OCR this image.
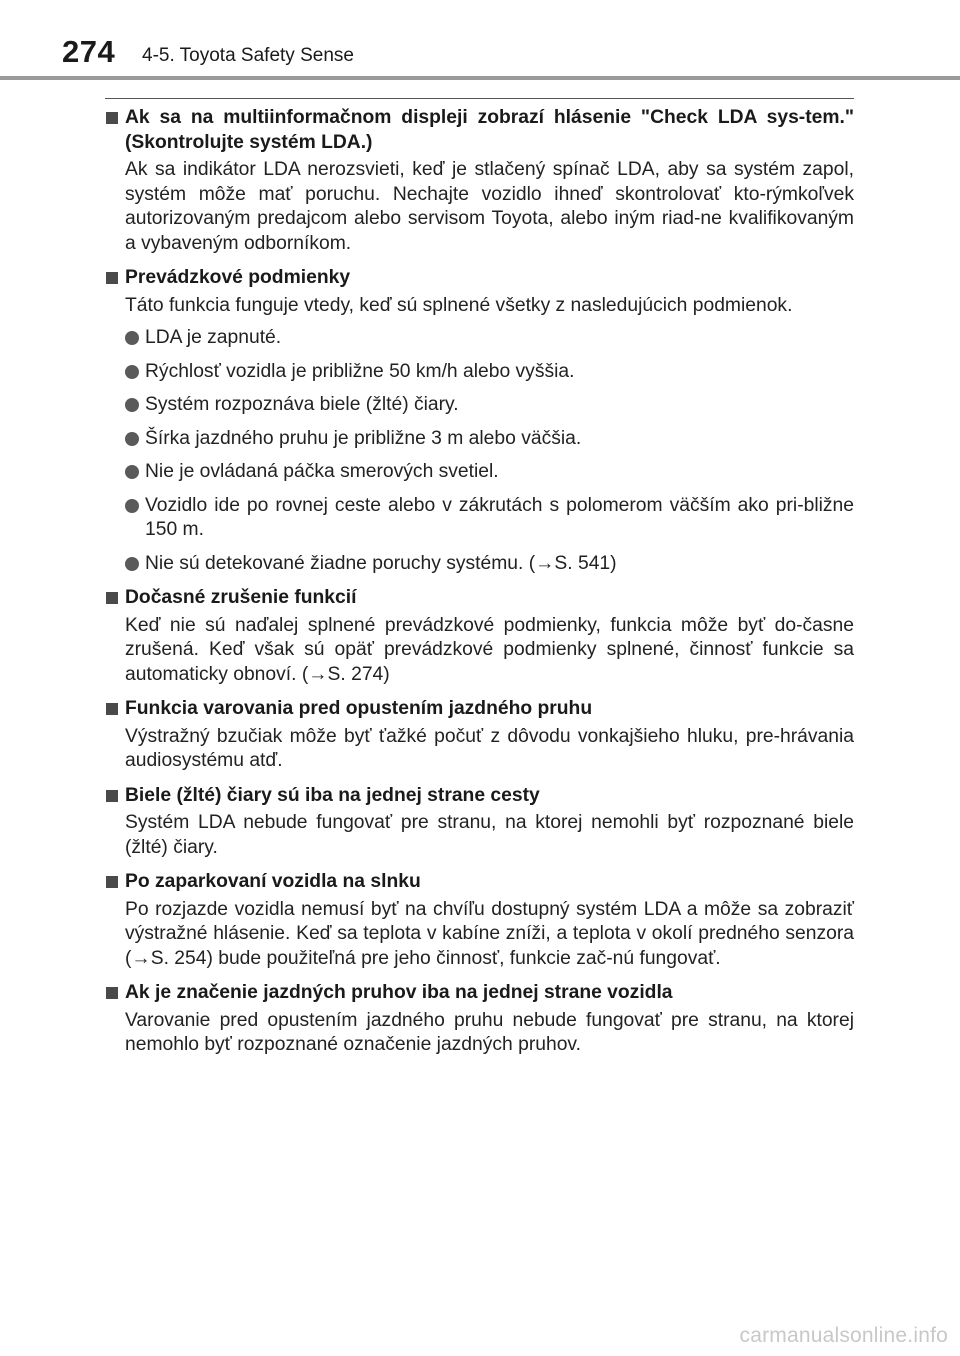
274 4-5. Toyota Safety Sense
Ak sa na multiinformačnom displeji zobrazí hlásenie "Check LDA sys-tem." (Skontrolujte systém LDA.)
Ak sa indikátor LDA nerozsvieti, keď je stlačený spínač LDA, aby sa systém zapol, systém môže mať poruchu. Nechajte vozidlo ihneď skontrolovať kto-rýmkoľvek autorizovaným predajcom alebo servisom Toyota, alebo iným riad-ne kvalifikovaným a vybaveným odborníkom.
Prevádzkové podmienky
Táto funkcia funguje vtedy, keď sú splnené všetky z nasledujúcich podmienok.
LDA je zapnuté.
Rýchlosť vozidla je približne 50 km/h alebo vyššia.
Systém rozpoznáva biele (žlté) čiary.
Šírka jazdného pruhu je približne 3 m alebo väčšia.
Nie je ovládaná páčka smerových svetiel.
Vozidlo ide po rovnej ceste alebo v zákrutách s polomerom väčším ako pri-bližne 150 m.
Nie sú detekované žiadne poruchy systému. (→S. 541)
Dočasné zrušenie funkcií
Keď nie sú naďalej splnené prevádzkové podmienky, funkcia môže byť do-časne zrušená. Keď však sú opäť prevádzkové podmienky splnené, činnosť funkcie sa automaticky obnoví. (→S. 274)
Funkcia varovania pred opustením jazdného pruhu
Výstražný bzučiak môže byť ťažké počuť z dôvodu vonkajšieho hluku, pre-hrávania audiosystému atď.
Biele (žlté) čiary sú iba na jednej strane cesty
Systém LDA nebude fungovať pre stranu, na ktorej nemohli byť rozpoznané biele (žlté) čiary.
Po zaparkovaní vozidla na slnku
Po rozjazde vozidla nemusí byť na chvíľu dostupný systém LDA a môže sa zobraziť výstražné hlásenie. Keď sa teplota v kabíne zníži, a teplota v okolí predného senzora (→S. 254) bude použiteľná pre jeho činnosť, funkcie zač-nú fungovať.
Ak je značenie jazdných pruhov iba na jednej strane vozidla
Varovanie pred opustením jazdného pruhu nebude fungovať pre stranu, na ktorej nemohlo byť rozpoznané označenie jazdných pruhov.
carmanualsonline.info
